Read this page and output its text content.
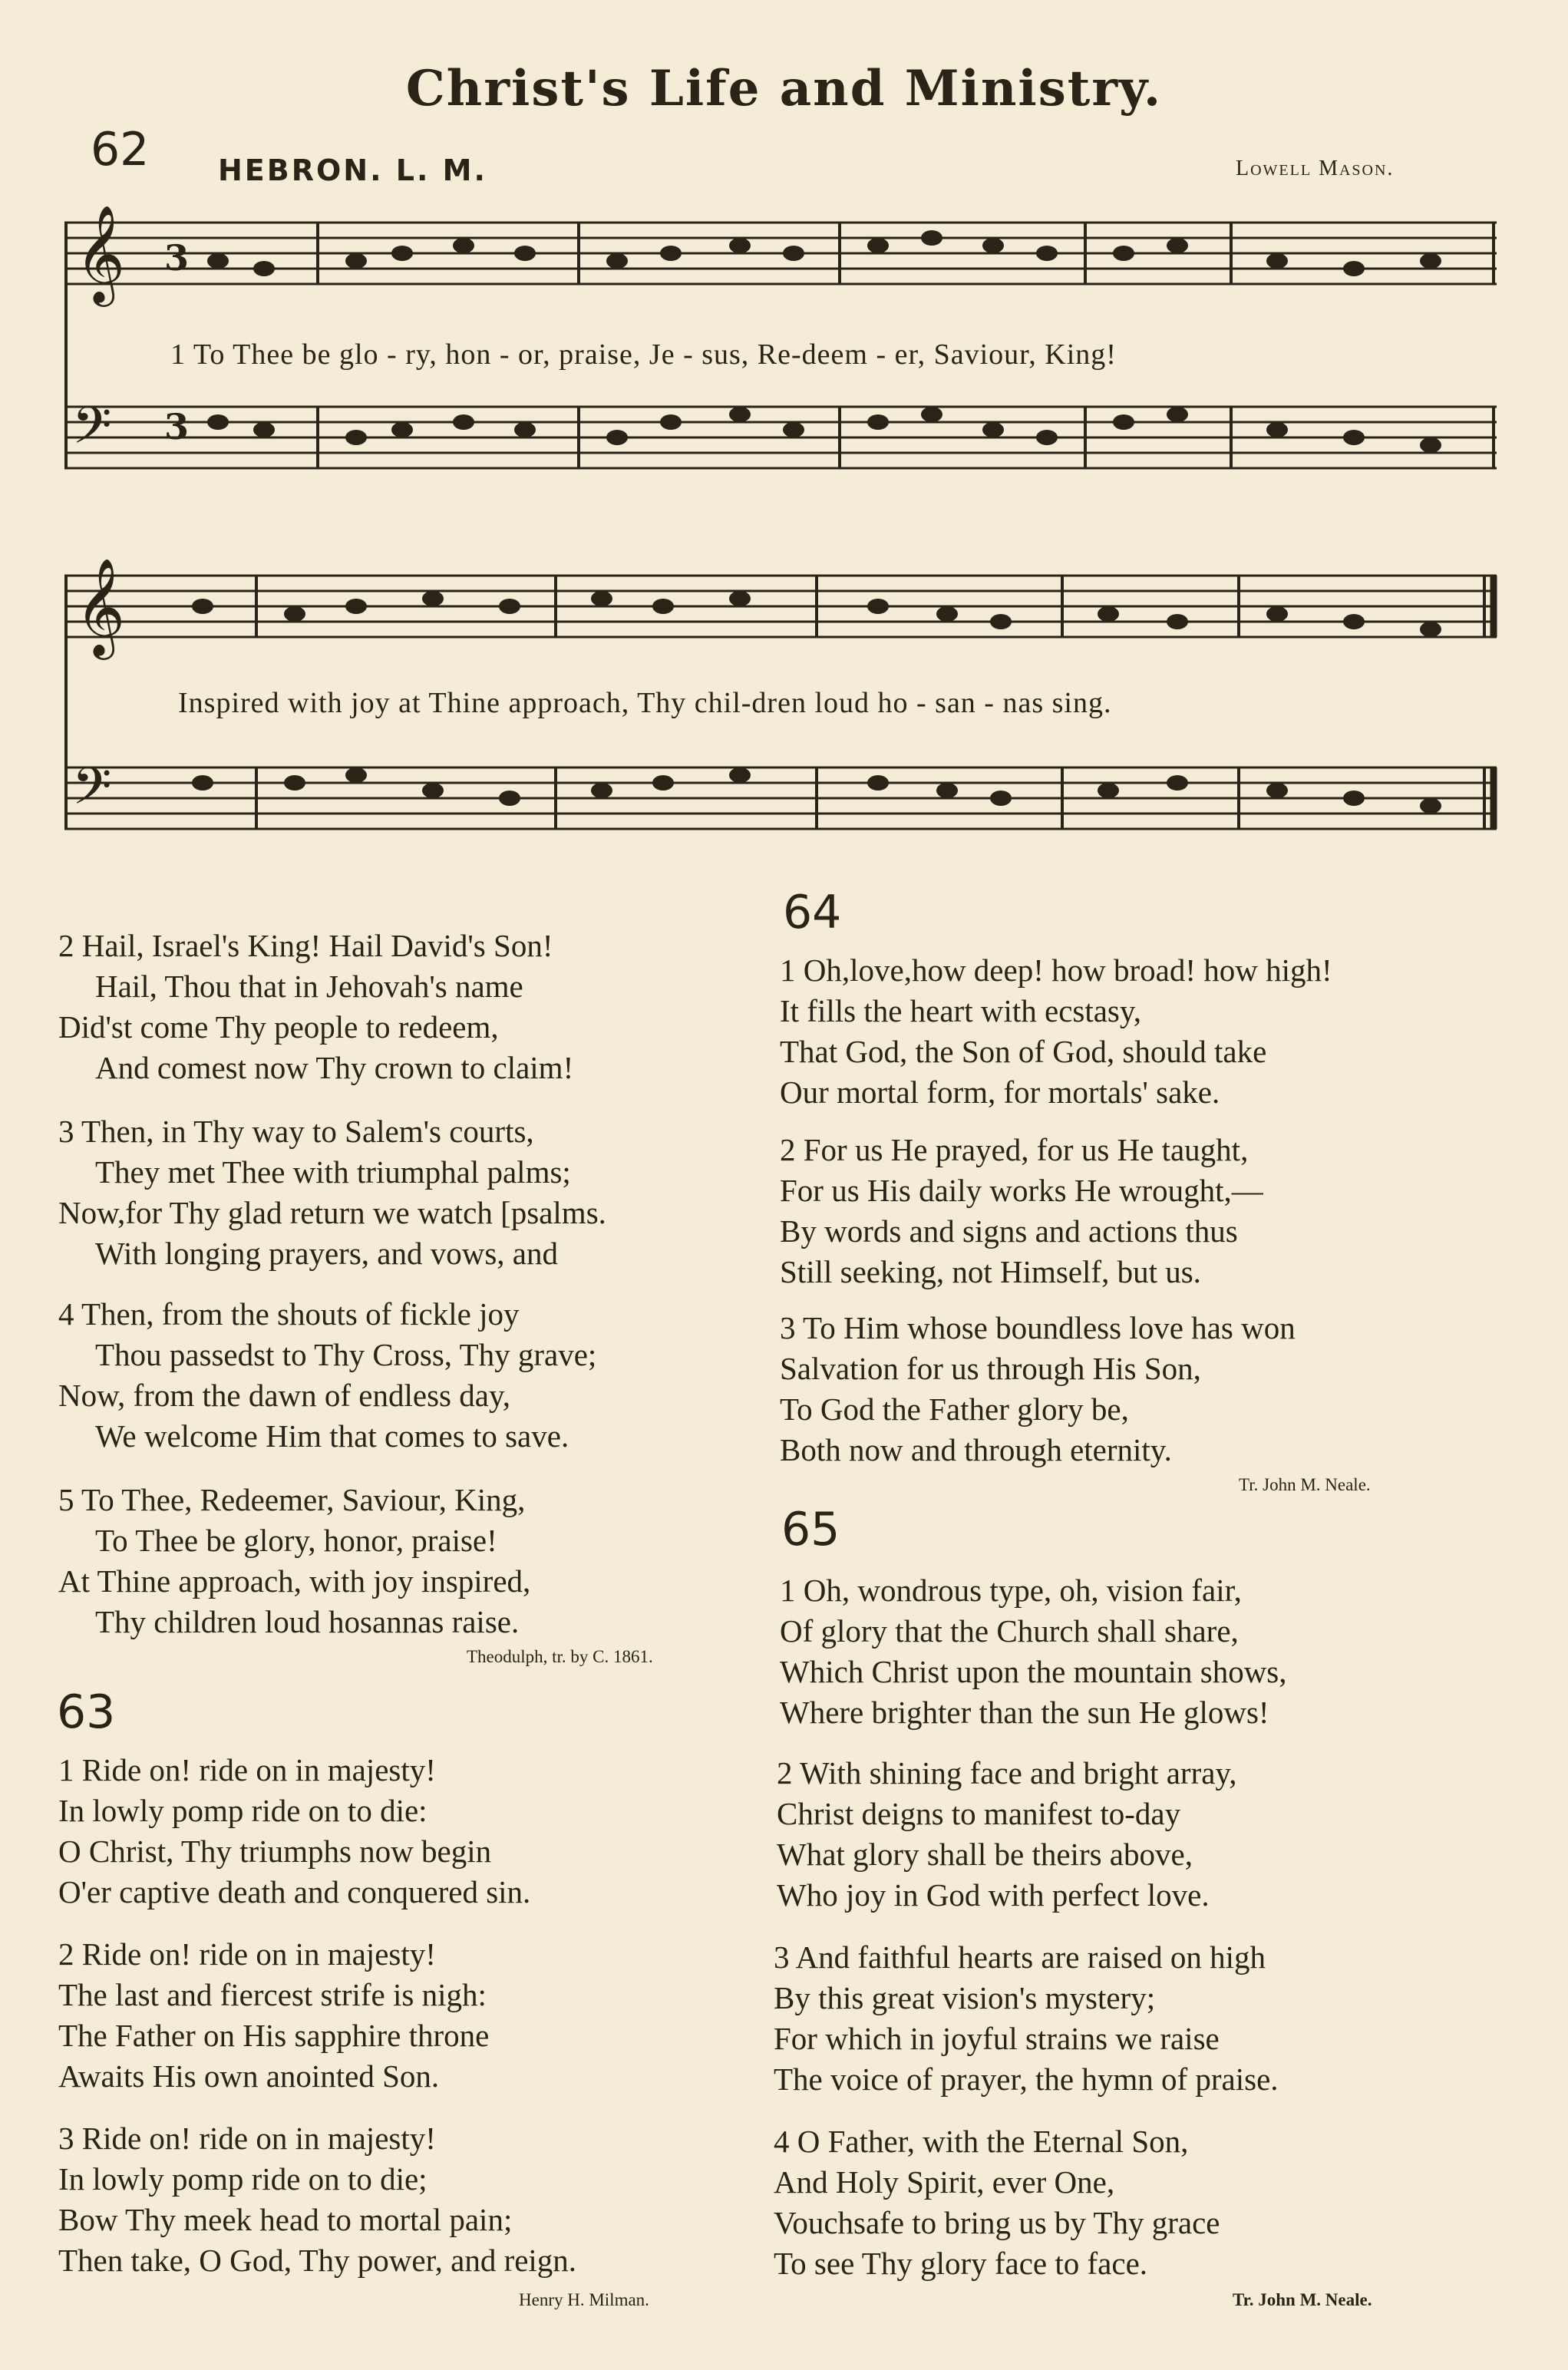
Christ's Life and Ministry.
62 HEBRON. L. M.	Lowell Mason.
𝄞
𝄢
3
3
1 To Thee be glo - ry, hon - or, praise, Je - sus, Re-deem - er, Saviour, King!
𝄞
𝄢
Inspired with joy at Thine approach, Thy chil-dren loud ho - san - nas sing.
2 Hail, Israel's King! Hail David's Son!
Hail, Thou that in Jehovah's name
Did'st come Thy people to redeem,
And comest now Thy crown to claim!
3 Then, in Thy way to Salem's courts,
They met Thee with triumphal palms;
Now,for Thy glad return we watch [psalms.
With longing prayers, and vows, and
4 Then, from the shouts of fickle joy
Thou passedst to Thy Cross, Thy grave;
Now, from the dawn of endless day,
We welcome Him that comes to save.
5 To Thee, Redeemer, Saviour, King,
To Thee be glory, honor, praise!
At Thine approach, with joy inspired,
Thy children loud hosannas raise.
Theodulph, tr. by C. 1861.
63
1 Ride on! ride on in majesty!
In lowly pomp ride on to die:
O Christ, Thy triumphs now begin
O'er captive death and conquered sin.
2 Ride on! ride on in majesty!
The last and fiercest strife is nigh:
The Father on His sapphire throne
Awaits His own anointed Son.
3 Ride on! ride on in majesty!
In lowly pomp ride on to die;
Bow Thy meek head to mortal pain;
Then take, O God, Thy power, and reign.
Henry H. Milman.
64
1 Oh,love,how deep! how broad! how high!
It fills the heart with ecstasy,
That God, the Son of God, should take
Our mortal form, for mortals' sake.
2 For us He prayed, for us He taught,
For us His daily works He wrought,—
By words and signs and actions thus
Still seeking, not Himself, but us.
3 To Him whose boundless love has won
Salvation for us through His Son,
To God the Father glory be,
Both now and through eternity.
Tr. John M. Neale.
65
1 Oh, wondrous type, oh, vision fair,
Of glory that the Church shall share,
Which Christ upon the mountain shows,
Where brighter than the sun He glows!
2 With shining face and bright array,
Christ deigns to manifest to-day
What glory shall be theirs above,
Who joy in God with perfect love.
3 And faithful hearts are raised on high
By this great vision's mystery;
For which in joyful strains we raise
The voice of prayer, the hymn of praise.
4 O Father, with the Eternal Son,
And Holy Spirit, ever One,
Vouchsafe to bring us by Thy grace
To see Thy glory face to face.
Tr. John M. Neale.
